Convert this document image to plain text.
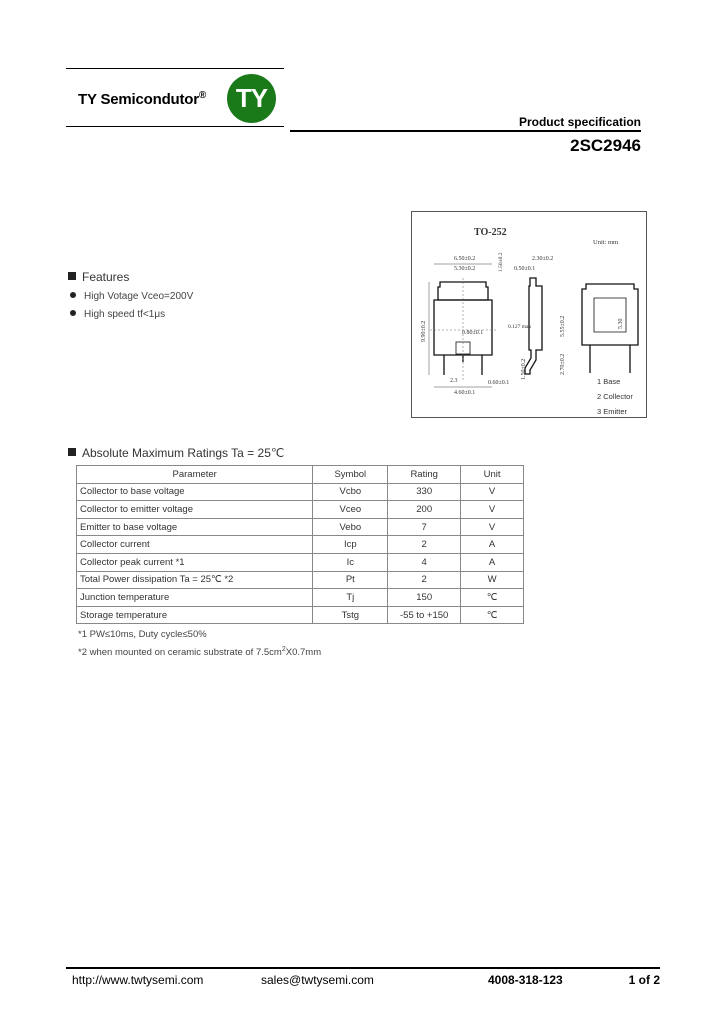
TY Semicondutor®	TY
Product specification
2SC2946
TO-252
Unit: mm
6.50±0.2
5.30±0.2	1.50±0.2	2.30±0.2
0.50±0.1
9.90±0.2	0.80±0.1
0.127 max	5.55±0.2
2.3	0.60±0.1
4.60±0.1
1.50±0.2	2.70±0.2
5.30
1 Base
2 Collector
3 Emitter
Features
High Votage Vceo=200V
High speed tf<1μs
Absolute Maximum Ratings Ta = 25℃
Parameter	Symbol	Rating	Unit
Collector to base voltage	Vcbo	330	V
Collector to emitter voltage	Vceo	200	V
Emitter to base voltage	Vebo	7	V
Collector current	Icp	2	A
Collector peak current *1	Ic	4	A
Total Power dissipation Ta = 25℃ *2	Pt	2	W
Junction temperature	Tj	150	℃
Storage temperature	Tstg	-55 to +150	℃
*1 PW≤10ms, Duty cycle≤50%
*2 when mounted on ceramic substrate of $7.5cm^2X0.7mm$
http://www.twtysemi.com	sales@twtysemi.com	4008-318-123	1 of 2
